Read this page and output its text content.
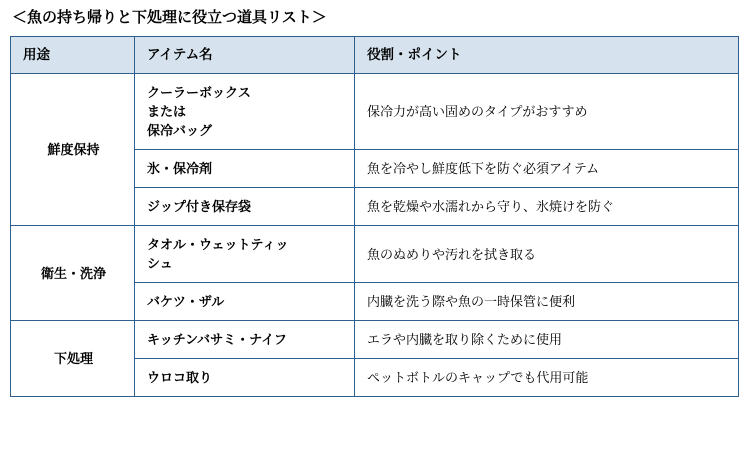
＜魚の持ち帰りと下処理に役立つ道具リスト＞
用途	アイテム名	役割・ポイント
鮮度保持	クーラーボックス
または
保冷バッグ	保冷力が高い固めのタイプがおすすめ

	氷・保冷剤	魚を冷やし鮮度低下を防ぐ必須アイテム

	ジップ付き保存袋	魚を乾燥や水濡れから守り、氷焼けを防ぐ
衛生・洗浄	タオル・ウェットティッ
シュ	魚のぬめりや汚れを拭き取る

	バケツ・ザル	内臓を洗う際や魚の一時保管に便利
下処理	キッチンバサミ・ナイフ	エラや内臓を取り除くために使用

	ウロコ取り	ペットボトルのキャップでも代用可能
